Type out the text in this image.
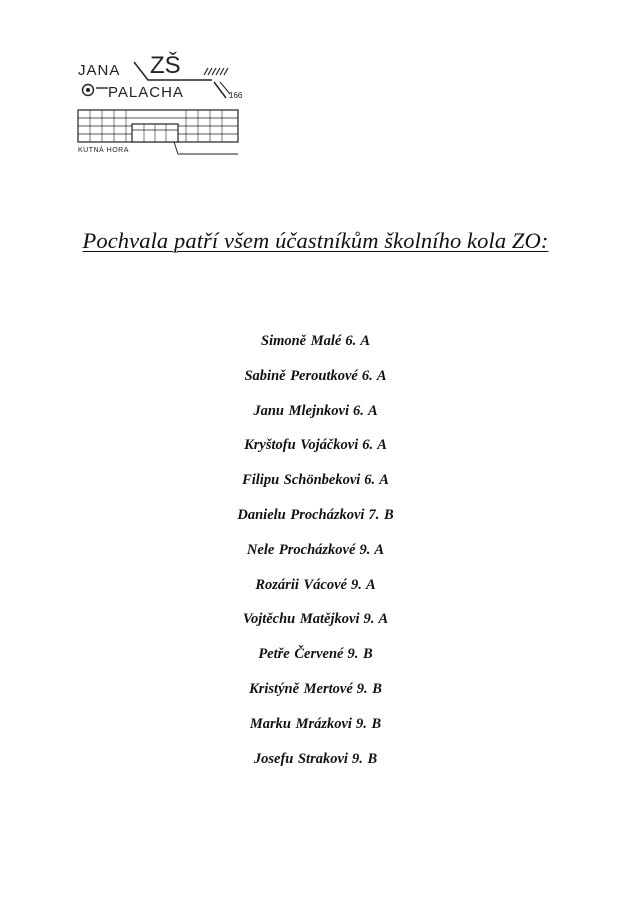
ZŠ
JANA
PALACHA	166
KUTNÁ HORA
Pochvala patří všem účastníkům školního kola ZO:
Simoně Malé 6. A
Sabině Peroutkové 6. A
Janu Mlejnkovi 6. A
Kryštofu Vojáčkovi 6. A
Filipu Schönbekovi 6. A
Danielu Procházkovi 7. B
Nele Procházkové 9. A
Rozárii Vácové 9. A
Vojtěchu Matějkovi 9. A
Petře Červené 9. B
Kristýně Mertové 9. B
Marku Mrázkovi 9. B
Josefu Strakovi 9. B
